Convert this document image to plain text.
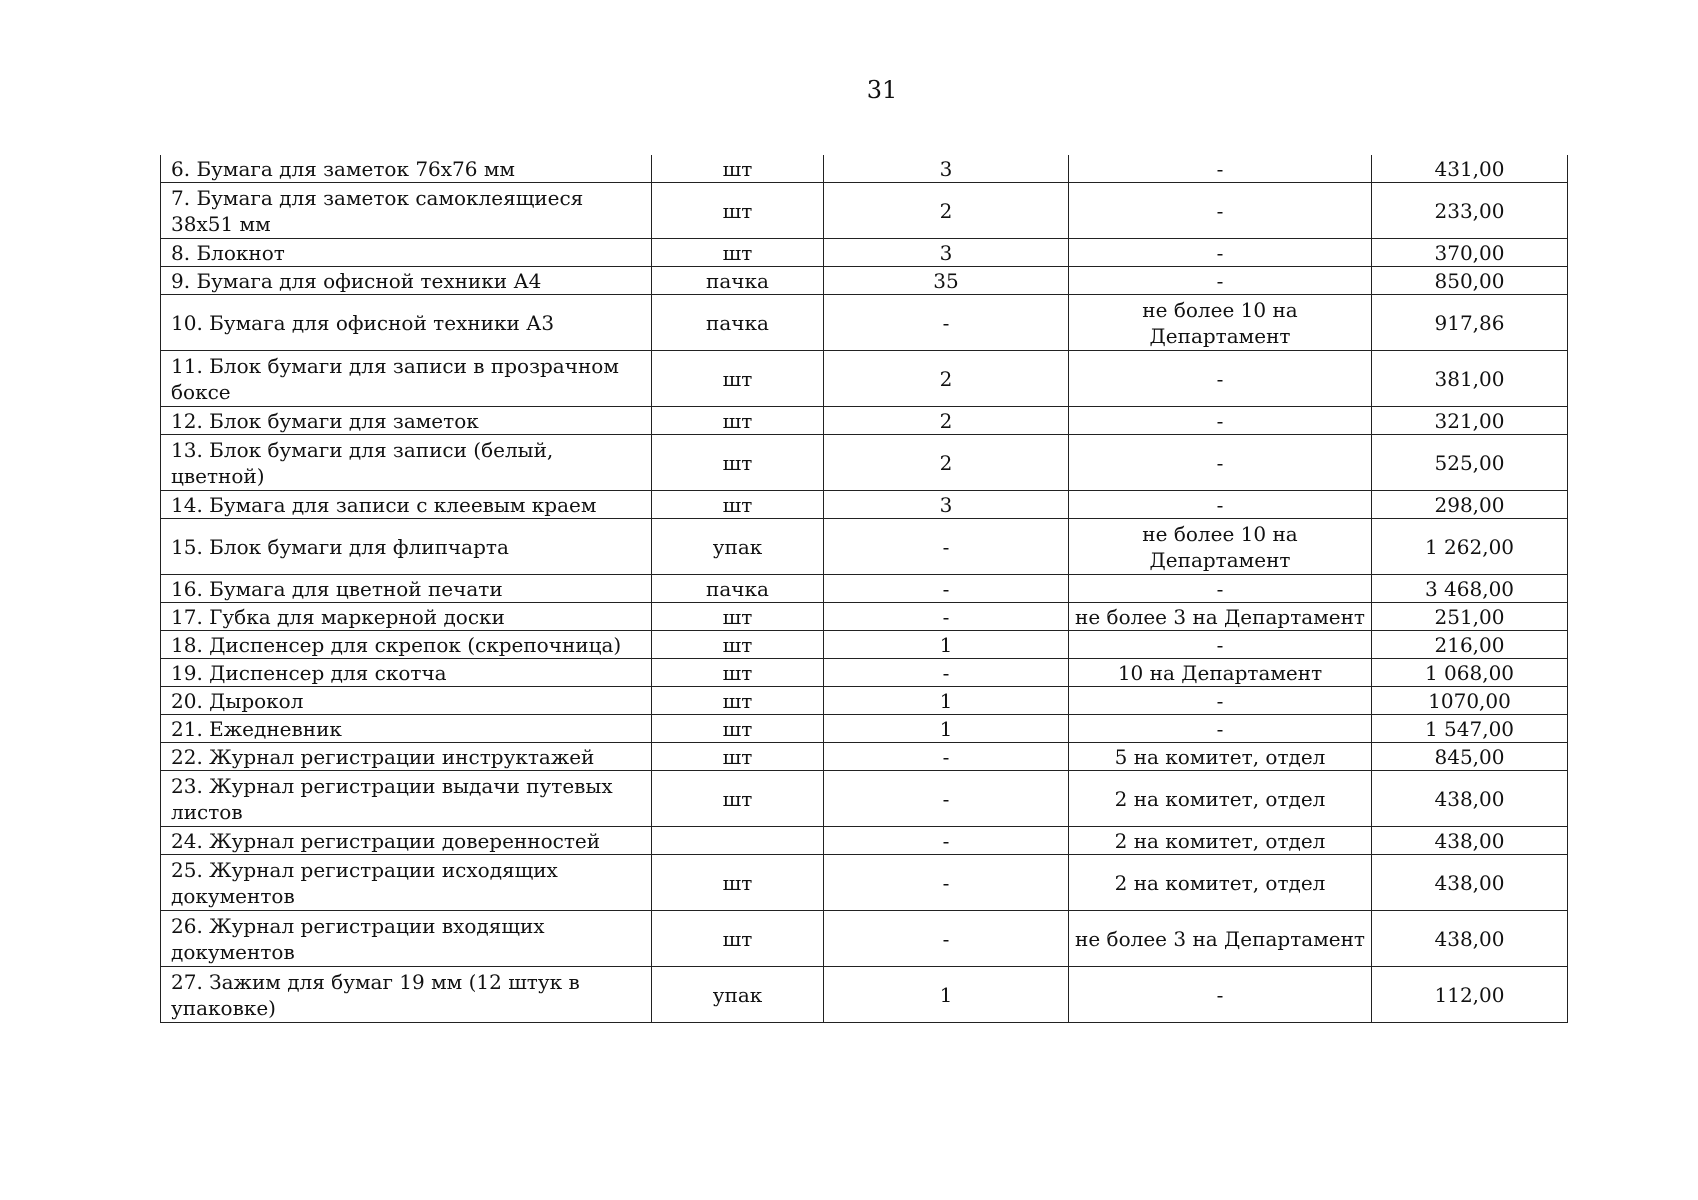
31
6. Бумага для заметок 76х76 мм	шт	3	-	431,00
7. Бумага для заметок самоклеящиеся 38х51 мм	шт	2	-	233,00
8. Блокнот	шт	3	-	370,00
9. Бумага для офисной техники А4	пачка	35	-	850,00
10. Бумага для офисной техники А3	пачка	-	не более 10 на Департамент	917,86
11. Блок бумаги для записи в прозрачном боксе	шт	2	-	381,00
12. Блок бумаги для заметок	шт	2	-	321,00
13. Блок бумаги для записи (белый, цветной)	шт	2	-	525,00
14. Бумага для записи с клеевым краем	шт	3	-	298,00
15. Блок бумаги для флипчарта	упак	-	не более 10 на Департамент	1 262,00
16. Бумага для цветной печати	пачка	-	-	3 468,00
17. Губка для маркерной доски	шт	-	не более 3 на Департамент	251,00
18. Диспенсер для скрепок (скрепочница)	шт	1	-	216,00
19. Диспенсер для скотча	шт	-	10 на Департамент	1 068,00
20. Дырокол	шт	1	-	1070,00
21. Ежедневник	шт	1	-	1 547,00
22. Журнал регистрации инструктажей	шт	-	5 на комитет, отдел	845,00
23. Журнал регистрации выдачи путевых листов	шт	-	2 на комитет, отдел	438,00
24. Журнал регистрации доверенностей		-	2 на комитет, отдел	438,00
25. Журнал регистрации исходящих документов	шт	-	2 на комитет, отдел	438,00
26. Журнал регистрации входящих документов	шт	-	не более 3 на Департамент	438,00
27. Зажим для бумаг 19 мм (12 штук в упаковке)	упак	1	-	112,00
